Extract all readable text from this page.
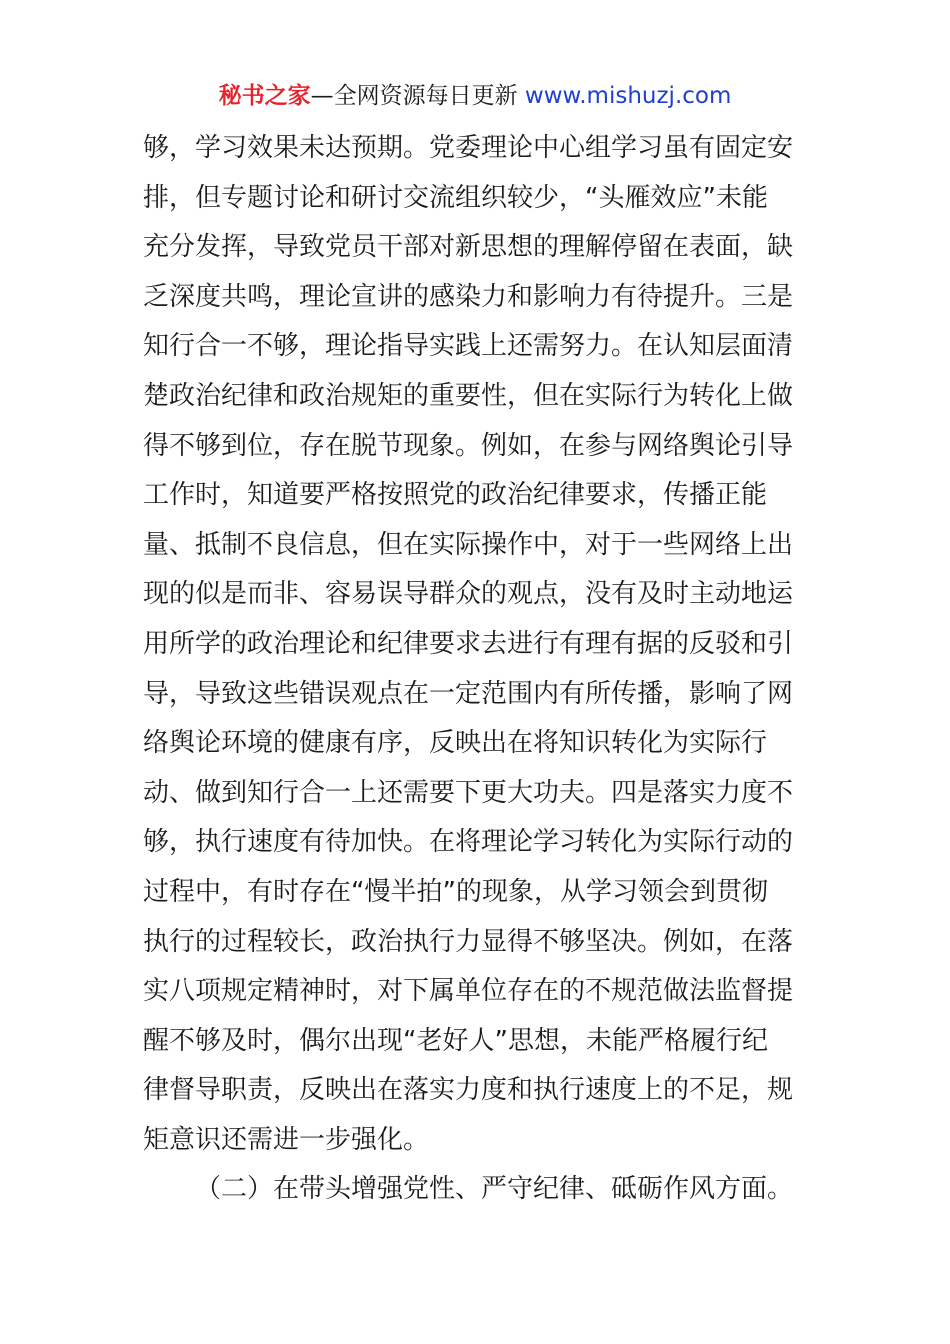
秘书之家—全网资源每日更新 www.mishuzj.com
够，学习效果未达预期。党委理论中心组学习虽有固定安
排，但专题讨论和研讨交流组织较少，“头雁效应”未能
充分发挥，导致党员干部对新思想的理解停留在表面，缺
乏深度共鸣，理论宣讲的感染力和影响力有待提升。三是
知行合一不够，理论指导实践上还需努力。在认知层面清
楚政治纪律和政治规矩的重要性，但在实际行为转化上做
得不够到位，存在脱节现象。例如，在参与网络舆论引导
工作时，知道要严格按照党的政治纪律要求，传播正能
量、抵制不良信息，但在实际操作中，对于一些网络上出
现的似是而非、容易误导群众的观点，没有及时主动地运
用所学的政治理论和纪律要求去进行有理有据的反驳和引
导，导致这些错误观点在一定范围内有所传播，影响了网
络舆论环境的健康有序，反映出在将知识转化为实际行
动、做到知行合一上还需要下更大功夫。四是落实力度不
够，执行速度有待加快。在将理论学习转化为实际行动的
过程中，有时存在“慢半拍”的现象，从学习领会到贯彻
执行的过程较长，政治执行力显得不够坚决。例如，在落
实八项规定精神时，对下属单位存在的不规范做法监督提
醒不够及时，偶尔出现“老好人”思想，未能严格履行纪
律督导职责，反映出在落实力度和执行速度上的不足，规
矩意识还需进一步强化。
（二）在带头增强党性、严守纪律、砥砺作风方面。
